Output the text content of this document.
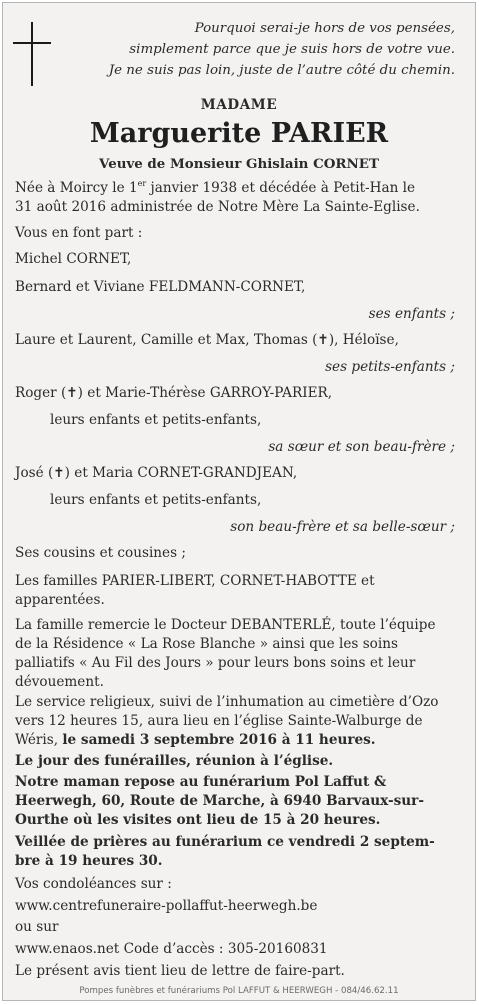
Pourquoi serai-je hors de vos pensées,
simplement parce que je suis hors de votre vue.
Je ne suis pas loin, juste de l’autre côté du chemin.
MADAME
Marguerite PARIER
Veuve de Monsieur Ghislain CORNET
Née à Moircy le 1er janvier 1938 et décédée à Petit-Han le
31 août 2016 administrée de Notre Mère La Sainte-Eglise.
Vous en font part :
Michel CORNET,
Bernard et Viviane FELDMANN-CORNET,
ses enfants ;
Laure et Laurent, Camille et Max, Thomas (✝), Héloïse,
ses petits-enfants ;
Roger (✝) et Marie-Thérèse GARROY-PARIER,
leurs enfants et petits-enfants,
sa sœur et son beau-frère ;
José (✝) et Maria CORNET-GRANDJEAN,
leurs enfants et petits-enfants,
son beau-frère et sa belle-sœur ;
Ses cousins et cousines ;
Les familles PARIER-LIBERT, CORNET-HABOTTE et
apparentées.
La famille remercie le Docteur DEBANTERLÉ, toute l’équipe
de la Résidence « La Rose Blanche » ainsi que les soins
palliatifs « Au Fil des Jours » pour leurs bons soins et leur
dévouement.
Le service religieux, suivi de l’inhumation au cimetière d’Ozo
vers 12 heures 15, aura lieu en l’église Sainte-Walburge de
Wéris, le samedi 3 septembre 2016 à 11 heures.
Le jour des funérailles, réunion à l’église.
Notre maman repose au funérarium Pol Laffut &
Heerwegh, 60, Route de Marche, à 6940 Barvaux-sur-
Ourthe où les visites ont lieu de 15 à 20 heures.
Veillée de prières au funérarium ce vendredi 2 septem-
bre à 19 heures 30.
Vos condoléances sur :
www.centrefuneraire-pollaffut-heerwegh.be
ou sur
www.enaos.net Code d’accès : 305-20160831
Le présent avis tient lieu de lettre de faire-part.
Pompes funèbres et funérariums Pol LAFFUT & HEERWEGH - 084/46.62.11
